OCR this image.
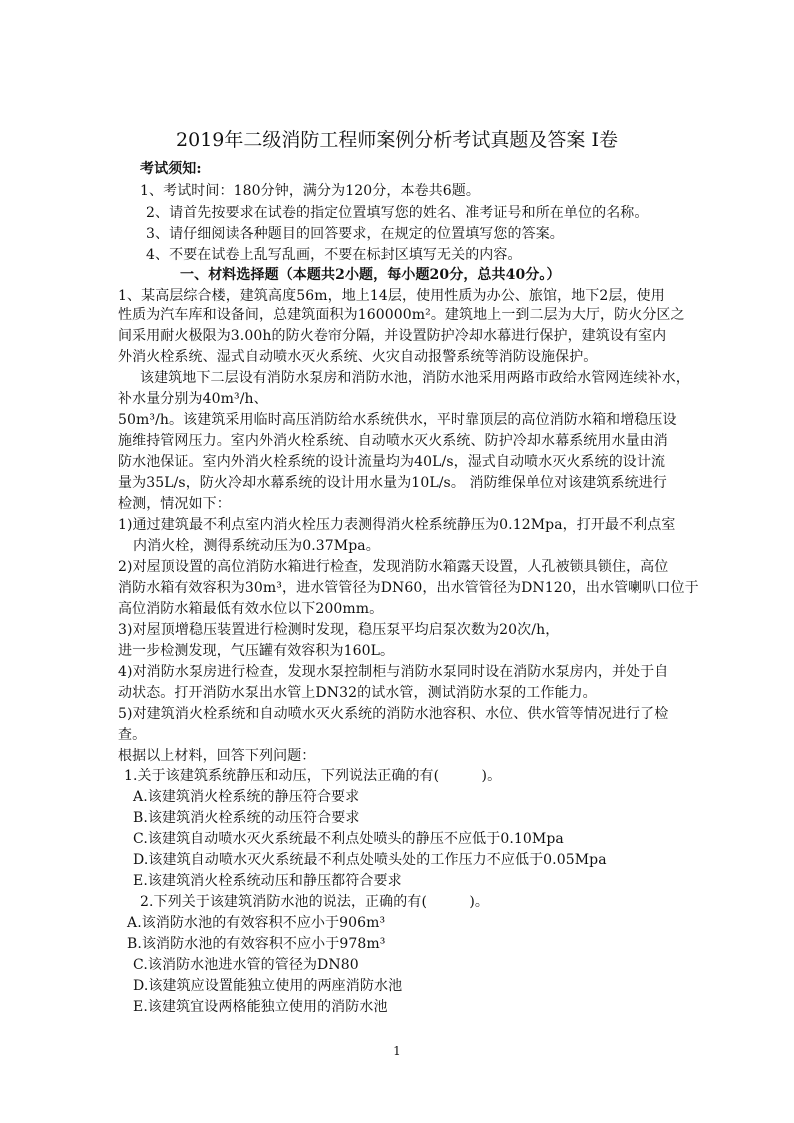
2019年二级消防工程师案例分析考试真题及答案 Ⅰ卷
考试须知:
1、考试时间：180分钟，满分为120分，本卷共6题。
2、请首先按要求在试卷的指定位置填写您的姓名、准考证号和所在单位的名称。
3、请仔细阅读各种题目的回答要求，在规定的位置填写您的答案。
4、不要在试卷上乱写乱画，不要在标封区填写无关的内容。
一、材料选择题（本题共2小题，每小题20分，总共40分。）
1、某高层综合楼，建筑高度56m，地上14层，使用性质为办公、旅馆，地下2层，使用
性质为汽车库和设备间，总建筑面积为160000m²。建筑地上一到二层为大厅，防火分区之
间采用耐火极限为3.00h的防火卷帘分隔，并设置防护冷却水幕进行保护，建筑设有室内
外消火栓系统、湿式自动喷水灭火系统、火灾自动报警系统等消防设施保护。
该建筑地下二层设有消防水泵房和消防水池，消防水池采用两路市政给水管网连续补水，
补水量分别为40m³/h、
50m³/h。该建筑采用临时高压消防给水系统供水，平时靠顶层的高位消防水箱和增稳压设
施维持管网压力。室内外消火栓系统、自动喷水灭火系统、防护冷却水幕系统用水量由消
防水池保证。室内外消火栓系统的设计流量均为40L/s，湿式自动喷水灭火系统的设计流
量为35L/s，防火冷却水幕系统的设计用水量为10L/s。 消防维保单位对该建筑系统进行
检测，情况如下：
1)通过建筑最不利点室内消火栓压力表测得消火栓系统静压为0.12Mpa，打开最不利点室
内消火栓，测得系统动压为0.37Mpa。
2)对屋顶设置的高位消防水箱进行检查，发现消防水箱露天设置，人孔被锁具锁住，高位
消防水箱有效容积为30m³，进水管管径为DN60，出水管管径为DN120，出水管喇叭口位于
高位消防水箱最低有效水位以下200mm。
3)对屋顶增稳压装置进行检测时发现，稳压泵平均启泵次数为20次/h，
进一步检测发现，气压罐有效容积为160L。
4)对消防水泵房进行检查，发现水泵控制柜与消防水泵同时设在消防水泵房内，并处于自
动状态。打开消防水泵出水管上DN32的试水管，测试消防水泵的工作能力。
5)对建筑消火栓系统和自动喷水灭火系统的消防水池容积、水位、供水管等情况进行了检
查。
根据以上材料，回答下列问题：
1.关于该建筑系统静压和动压，下列说法正确的有(　　　)。
A.该建筑消火栓系统的静压符合要求
B.该建筑消火栓系统的动压符合要求
C.该建筑自动喷水灭火系统最不利点处喷头的静压不应低于0.10Mpa
D.该建筑自动喷水灭火系统最不利点处喷头处的工作压力不应低于0.05Mpa
E.该建筑消火栓系统动压和静压都符合要求
2.下列关于该建筑消防水池的说法，正确的有(　　　)。
A.该消防水池的有效容积不应小于906m³
B.该消防水池的有效容积不应小于978m³
C.该消防水池进水管的管径为DN80
D.该建筑应设置能独立使用的两座消防水池
E.该建筑宜设两格能独立使用的消防水池
1
